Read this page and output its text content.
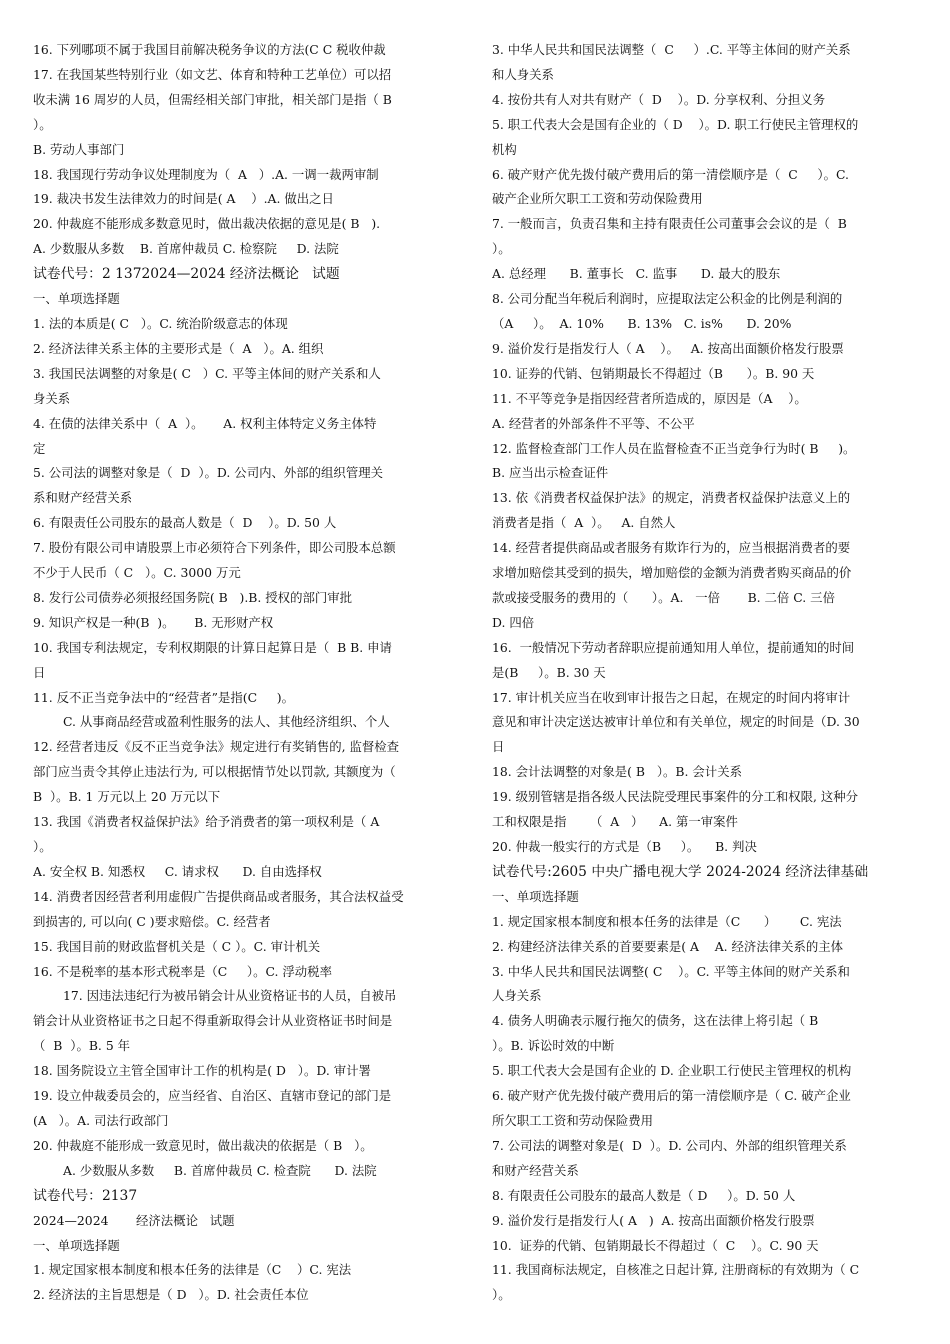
16. 下列哪项不属于我国目前解决税务争议的方法(C C 税收仲裁
17. 在我国某些特别行业（如文艺、体育和特种工艺单位）可以招
收未满 16 周岁的人员，但需经相关部门审批，相关部门是指（ B
）。
B. 劳动人事部门
18. 我国现行劳动争议处理制度为（  A   ）.A. 一调一裁两审制
19. 裁决书发生法律效力的时间是( A    ）.A. 做出之日
20. 仲裁庭不能形成多数意见时，做出裁决依据的意见是( B   ).
A. 少数服从多数    B. 首席仲裁员 C. 检察院     D. 法院
试卷代号：2 1372024—2024 经济法概论   试题
一、单项选择题
1. 法的本质是( C   ）。C. 统治阶级意志的体现
2. 经济法律关系主体的主要形式是（  A   ）。A. 组织
3. 我国民法调整的对象是( C   ）C. 平等主体间的财产关系和人
身关系
4. 在债的法律关系中（  A  ）。     A. 权利主体特定义务主体特
定
5. 公司法的调整对象是（  D  ）。D. 公司内、外部的组织管理关
系和财产经营关系
6. 有限责任公司股东的最高人数是（  D    ）。D. 50 人
7. 股份有限公司申请股票上市必须符合下列条件，即公司股本总额
不少于人民币（ C   ）。C. 3000 万元
8. 发行公司债券必须报经国务院( B   ).B. 授权的部门审批
9. 知识产权是一种(B  )。     B. 无形财产权
10. 我国专利法规定，专利权期限的计算日起算日是（  B B. 申请
日
11. 反不正当竞争法中的“经营者”是指(C     )。
C. 从事商品经营或盈利性服务的法人、其他经济组织、个人
12. 经营者违反《反不正当竞争法》规定进行有奖销售的, 监督检查
部门应当责令其停止违法行为, 可以根据情节处以罚款, 其额度为（
B  ）。B. 1 万元以上 20 万元以下
13. 我国《消费者权益保护法》给予消费者的第一项权利是（ A
）。
A. 安全权 B. 知悉权     C. 请求权      D. 自由选择权
14. 消费者因经营者利用虚假广告提供商品或者服务，其合法权益受
到损害的, 可以向( C )要求赔偿。C. 经营者
15. 我国目前的财政监督机关是（ C ）。C. 审计机关
16. 不是税率的基本形式税率是（C     ）。C. 浮动税率
17. 因违法违纪行为被吊销会计从业资格证书的人员，自被吊
销会计从业资格证书之日起不得重新取得会计从业资格证书时间是
（  B  ）。B. 5 年
18. 国务院设立主管全国审计工作的机构是( D   ）。D. 审计署
19. 设立仲裁委员会的，应当经省、自治区、直辖市登记的部门是
(A   ）。A. 司法行政部门
20. 仲裁庭不能形成一致意见时，做出裁决的依据是（ B   ）。
A. 少数服从多数     B. 首席仲裁员 C. 检查院      D. 法院
试卷代号：2137
2024—2024       经济法概论   试题
一、单项选择题
1. 规定国家根本制度和根本任务的法律是（C    ）C. 宪法
2. 经济法的主旨思想是（ D   ）。D. 社会责任本位
3. 中华人民共和国民法调整（  C     ）.C. 平等主体间的财产关系
和人身关系
4. 按份共有人对共有财产（  D    ）。D. 分享权利、分担义务
5. 职工代表大会是国有企业的（ D    ）。D. 职工行使民主管理权的
机构
6. 破产财产优先拨付破产费用后的第一清偿顺序是（  C     ）。C.
破产企业所欠职工工资和劳动保险费用
7. 一般而言，负责召集和主持有限责任公司董事会会议的是（  B
）。
A. 总经理      B. 董事长   C. 监事      D. 最大的股东
8. 公司分配当年税后利润时，应提取法定公积金的比例是利润的
（A     ）。  A. 10%      B. 13%   C. is%      D. 20%
9. 溢价发行是指发行人（ A    ）。   A. 按高出面额价格发行股票
10. 证券的代销、包销期最长不得超过（B      ）。B. 90 天
11. 不平等竞争是指因经营者所造成的，原因是（A    ）。
A. 经营者的外部条件不平等、不公平
12. 监督检查部门工作人员在监督检查不正当竞争行为时( B     )。
B. 应当出示检查证件
13. 依《消费者权益保护法》的规定，消费者权益保护法意义上的
消费者是指（  A  ）。   A. 自然人
14. 经营者提供商品或者服务有欺诈行为的，应当根据消费者的要
求增加赔偿其受到的损失，增加赔偿的金额为消费者购买商品的价
款或接受服务的费用的（      ）。A.   一倍       B. 二倍 C. 三倍
D. 四倍
16.  一般情况下劳动者辞职应提前通知用人单位，提前通知的时间
是(B     ）。B. 30 天
17. 审计机关应当在收到审计报告之日起，在规定的时间内将审计
意见和审计决定送达被审计单位和有关单位，规定的时间是（D. 30
日
18. 会计法调整的对象是( B   ）。B. 会计关系
19. 级别管辖是指各级人民法院受理民事案件的分工和权限, 这种分
工和权限是指      （  A   ）    A. 第一审案件
20. 仲裁一般实行的方式是（B     ）。    B. 判决
试卷代号:2605 中央广播电视大学 2024-2024 经济法律基础
一、单项选择题
1. 规定国家根本制度和根本任务的法律是（C      ）      C. 宪法
2. 构建经济法律关系的首要要素是( A    A. 经济法律关系的主体
3. 中华人民共和国民法调整( C    ）。C. 平等主体间的财产关系和
人身关系
4. 债务人明确表示履行拖欠的债务，这在法律上将引起（ B
）。B. 诉讼时效的中断
5. 职工代表大会是国有企业的 D. 企业职工行使民主管理权的机构
6. 破产财产优先拨付破产费用后的第一清偿顺序是（ C. 破产企业
所欠职工工资和劳动保险费用
7. 公司法的调整对象是(  D  ）。D. 公司内、外部的组织管理关系
和财产经营关系
8. 有限责任公司股东的最高人数是（ D     ）。D. 50 人
9. 溢价发行是指发行人( A   )  A. 按高出面额价格发行股票
10.  证券的代销、包销期最长不得超过（  C    ）。C. 90 天
11. 我国商标法规定，自核准之日起计算, 注册商标的有效期为（ C
）。
